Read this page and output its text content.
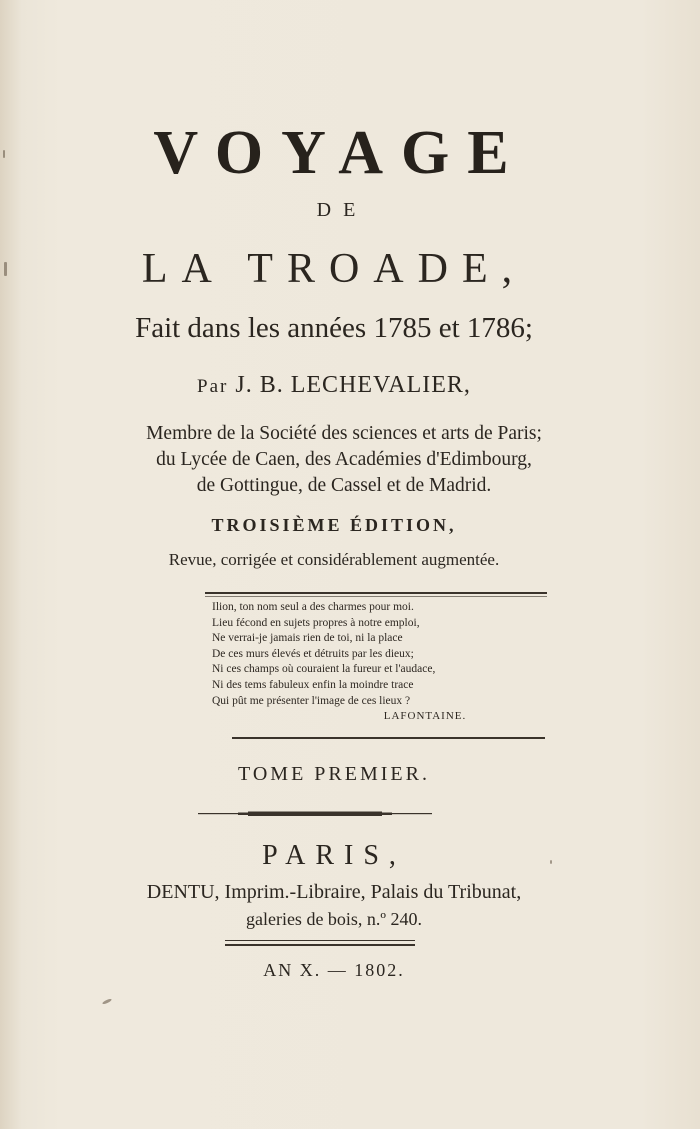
VOYAGE
DE
LA TROADE,
Fait dans les années 1785 et 1786;
Par J. B. LECHEVALIER,
Membre de la Société des sciences et arts de Paris;
du Lycée de Caen, des Académies d'Edimbourg,
de Gottingue, de Cassel et de Madrid.
TROISIÈME ÉDITION,
Revue, corrigée et considérablement augmentée.
Ilion, ton nom seul a des charmes pour moi.
Lieu fécond en sujets propres à notre emploi,
Ne verrai-je jamais rien de toi, ni la place
De ces murs élevés et détruits par les dieux;
Ni ces champs où couraient la fureur et l'audace,
Ni des tems fabuleux enfin la moindre trace
Qui pût me présenter l'image de ces lieux ?
LAFONTAINE.
TOME PREMIER.
PARIS,
DENTU, Imprim.-Libraire, Palais du Tribunat,
galeries de bois, n.º 240.
AN X. — 1802.
